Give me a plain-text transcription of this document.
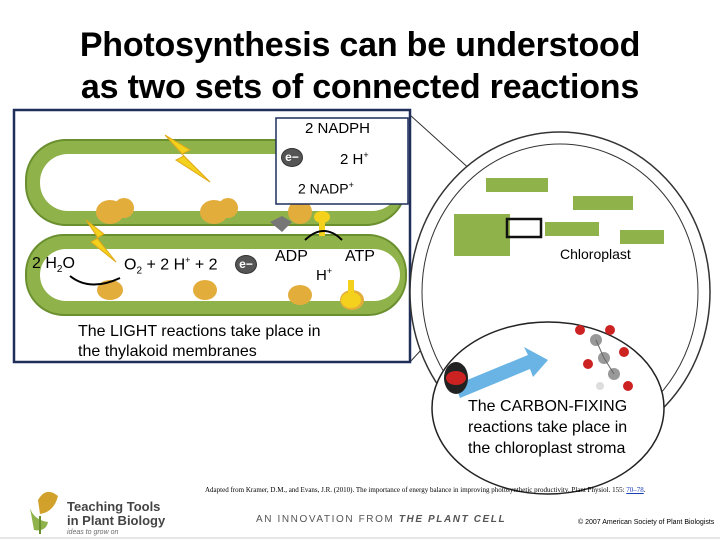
Photosynthesis can be understood
as two sets of connected reactions
2 NADPH
e−	2 H+
2 NADP+
2 $H_2O$	$O_2 + 2$ H+ + 2	e− ADP ATP
H+
The LIGHT reactions take place in
the thylakoid membranes
Chloroplast
The CARBON-FIXING
reactions take place in
the chloroplast stroma
Adapted from Kramer, D.M., and Evans, J.R. (2010). The importance of energy balance in improving photosynthetic productivity. Plant Physiol. 155: 70–78.
Teaching Tools
in Plant Biology
ideas to grow on
AN INNOVATION FROM THE PLANT CELL	© 2007 American Society of Plant Biologists
